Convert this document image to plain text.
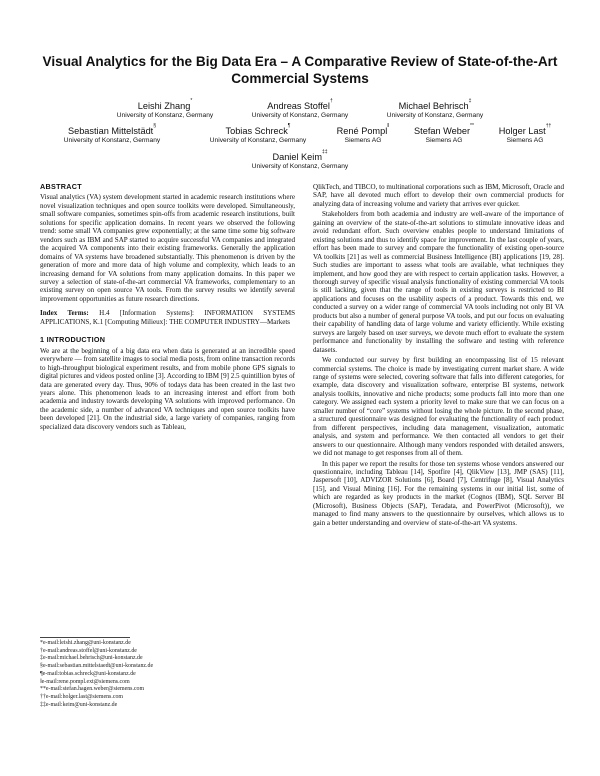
Visual Analytics for the Big Data Era – A Comparative Review of State-of-the-Art Commercial Systems
Leishi Zhang*
University of Konstanz, Germany
Andreas Stoffel†
University of Konstanz, Germany
Michael Behrisch‡
University of Konstanz, Germany
Sebastian Mittelstädt§
University of Konstanz, Germany
Tobias Schreck¶
University of Konstanz, Germany
René Pompl‖
Siemens AG
Stefan Weber**
Siemens AG
Holger Last††
Siemens AG
Daniel Keim‡‡
University of Konstanz, Germany
ABSTRACT

Visual analytics (VA) system development started in academic research institutions where novel visualization techniques and open source toolkits were developed. Simultaneously, small software companies, sometimes spin-offs from academic research institutions, built solutions for specific application domains. In recent years we observed the following trend: some small VA companies grew exponentially; at the same time some big software vendors such as IBM and SAP started to acquire successful VA companies and integrated the acquired VA components into their existing frameworks. Generally the application domains of VA systems have broadened substantially. This phenomenon is driven by the generation of more and more data of high volume and complexity, which leads to an increasing demand for VA solutions from many application domains. In this paper we survey a selection of state-of-the-art commercial VA frameworks, complementary to an existing survey on open source VA tools. From the survey results we identify several improvement opportunities as future research directions.

Index Terms: H.4 [Information Systems]: INFORMATION SYSTEMS APPLICATIONS, K.1 [Computing Milieux]: THE COMPUTER INDUSTRY—Markets

1 INTRODUCTION

We are at the beginning of a big data era when data is generated at an incredible speed everywhere — from satellite images to social media posts, from online transaction records to high-throughput biological experiment results, and from mobile phone GPS signals to digital pictures and videos posted online [3]. According to IBM [9] 2.5 quintillion bytes of data are generated every day. Thus, 90% of todays data has been created in the last two years alone. This phenomenon leads to an increasing interest and effort from both academia and industry towards developing VA solutions with improved performance. On the academic side, a number of advanced VA techniques and open source toolkits have been developed [21]. On the industrial side, a large variety of companies, ranging from specialized data discovery vendors such as Tableau,

*e-mail:leishi.zhang@uni-konstanz.de
†e-mail:andreas.stoffel@uni-konstanz.de
‡e-mail:michael.behrisch@uni-konstanz.de
§e-mail:sebastian.mittelstaedt@uni-konstanz.de
¶e-mail:tobias.schreck@uni-konstanz.de
‖e-mail:rene.pompl.ext@siemens.com
**e-mail:stefan.hagen.weber@siemens.com
††e-mail:holger.last@siemens.com
‡‡e-mail:keim@uni-konstanz.de

QlikTech, and TIBCO, to multinational corporations such as IBM, Microsoft, Oracle and SAP, have all devoted much effort to develop their own commercial products for analyzing data of increasing volume and variety that arrives ever quicker.

Stakeholders from both academia and industry are well-aware of the importance of gaining an overview of the state-of-the-art solutions to stimulate innovative ideas and avoid redundant effort. Such overview enables people to understand limitations of existing solutions and thus to identify space for improvement. In the last couple of years, effort has been made to survey and compare the functionality of existing open-source VA toolkits [21] as well as commercial Business Intelligence (BI) applications [19, 28]. Such studies are important to assess what tools are available, what techniques they implement, and how good they are with respect to certain application tasks. However, a thorough survey of specific visual analysis functionality of existing commercial VA tools is still lacking, given that the range of tools in existing surveys is restricted to BI applications and focuses on the usability aspects of a product. Towards this end, we conducted a survey on a wider range of commercial VA tools including not only BI VA products but also a number of general purpose VA tools, and put our focus on evaluating their capability of handling data of large volume and variety efficiently. While existing surveys are largely based on user surveys, we devote much effort to evaluate the system performance and functionality by installing the software and testing with reference datasets.

We conducted our survey by first building an encompassing list of 15 relevant commercial systems. The choice is made by investigating current market share. A wide range of systems were selected, covering software that falls into different categories, for example, data discovery and visualization software, enterprise BI systems, network analysis toolkits, innovative and niche products; some products fall into more than one category. We assigned each system a priority level to make sure that we can focus on a smaller number of “core” systems without losing the whole picture. In the second phase, a structured questionnaire was designed for evaluating the functionality of each product from different perspectives, including data management, visualization, automatic analysis, and system and performance. We then contacted all vendors to get their answers to our questionnaire. Although many vendors responded with detailed answers, we did not manage to get responses from all of them.

In this paper we report the results for those ten systems whose vendors answered our questionnaire, including Tableau [14], Spotfire [4], QlikView [13], JMP (SAS) [11], Jaspersoft [10], ADVIZOR Solutions [6], Board [7], Centrifuge [8], Visual Analytics [15], and Visual Mining [16]. For the remaining systems in our initial list, some of which are regarded as key products in the market (Cognos (IBM), SQL Server BI (Microsoft), Business Objects (SAP), Teradata, and PowerPivot (Microsoft)), we managed to find many answers to the questionnaire by ourselves, which allows us to gain a better understanding and overview of state-of-the-art VA systems.
